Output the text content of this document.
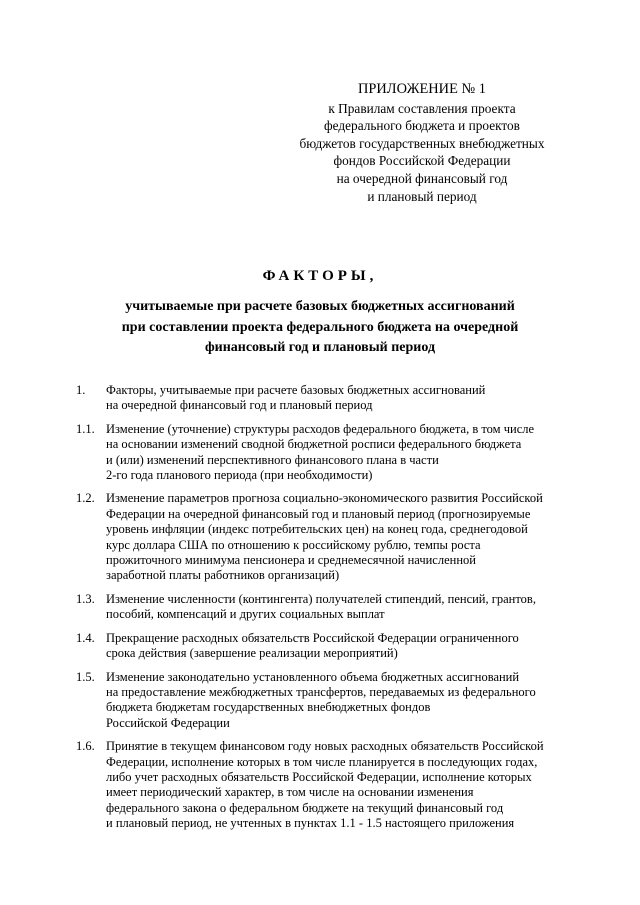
ПРИЛОЖЕНИЕ № 1
к Правилам составления проекта
федерального бюджета и проектов
бюджетов государственных внебюджетных
фондов Российской Федерации
на очередной финансовый год
и плановый период
ФАКТОРЫ,
учитываемые при расчете базовых бюджетных ассигнований
при составлении проекта федерального бюджета на очередной
финансовый год и плановый период
1. Факторы, учитываемые при расчете базовых бюджетных ассигнований
на очередной финансовый год и плановый период
1.1. Изменение (уточнение) структуры расходов федерального бюджета, в том числе
на основании изменений сводной бюджетной росписи федерального бюджета
и (или) изменений перспективного финансового плана в части
2-го года планового периода (при необходимости)
1.2. Изменение параметров прогноза социально-экономического развития Российской
Федерации на очередной финансовый год и плановый период (прогнозируемые
уровень инфляции (индекс потребительских цен) на конец года, среднегодовой
курс доллара США по отношению к российскому рублю, темпы роста
прожиточного минимума пенсионера и среднемесячной начисленной
заработной платы работников организаций)
1.3. Изменение численности (контингента) получателей стипендий, пенсий, грантов,
пособий, компенсаций и других социальных выплат
1.4. Прекращение расходных обязательств Российской Федерации ограниченного
срока действия (завершение реализации мероприятий)
1.5. Изменение законодательно установленного объема бюджетных ассигнований
на предоставление межбюджетных трансфертов, передаваемых из федерального
бюджета бюджетам государственных внебюджетных фондов
Российской Федерации
1.6. Принятие в текущем финансовом году новых расходных обязательств Российской
Федерации, исполнение которых в том числе планируется в последующих годах,
либо учет расходных обязательств Российской Федерации, исполнение которых
имеет периодический характер, в том числе на основании изменения
федерального закона о федеральном бюджете на текущий финансовый год
и плановый период, не учтенных в пунктах 1.1 - 1.5 настоящего приложения
